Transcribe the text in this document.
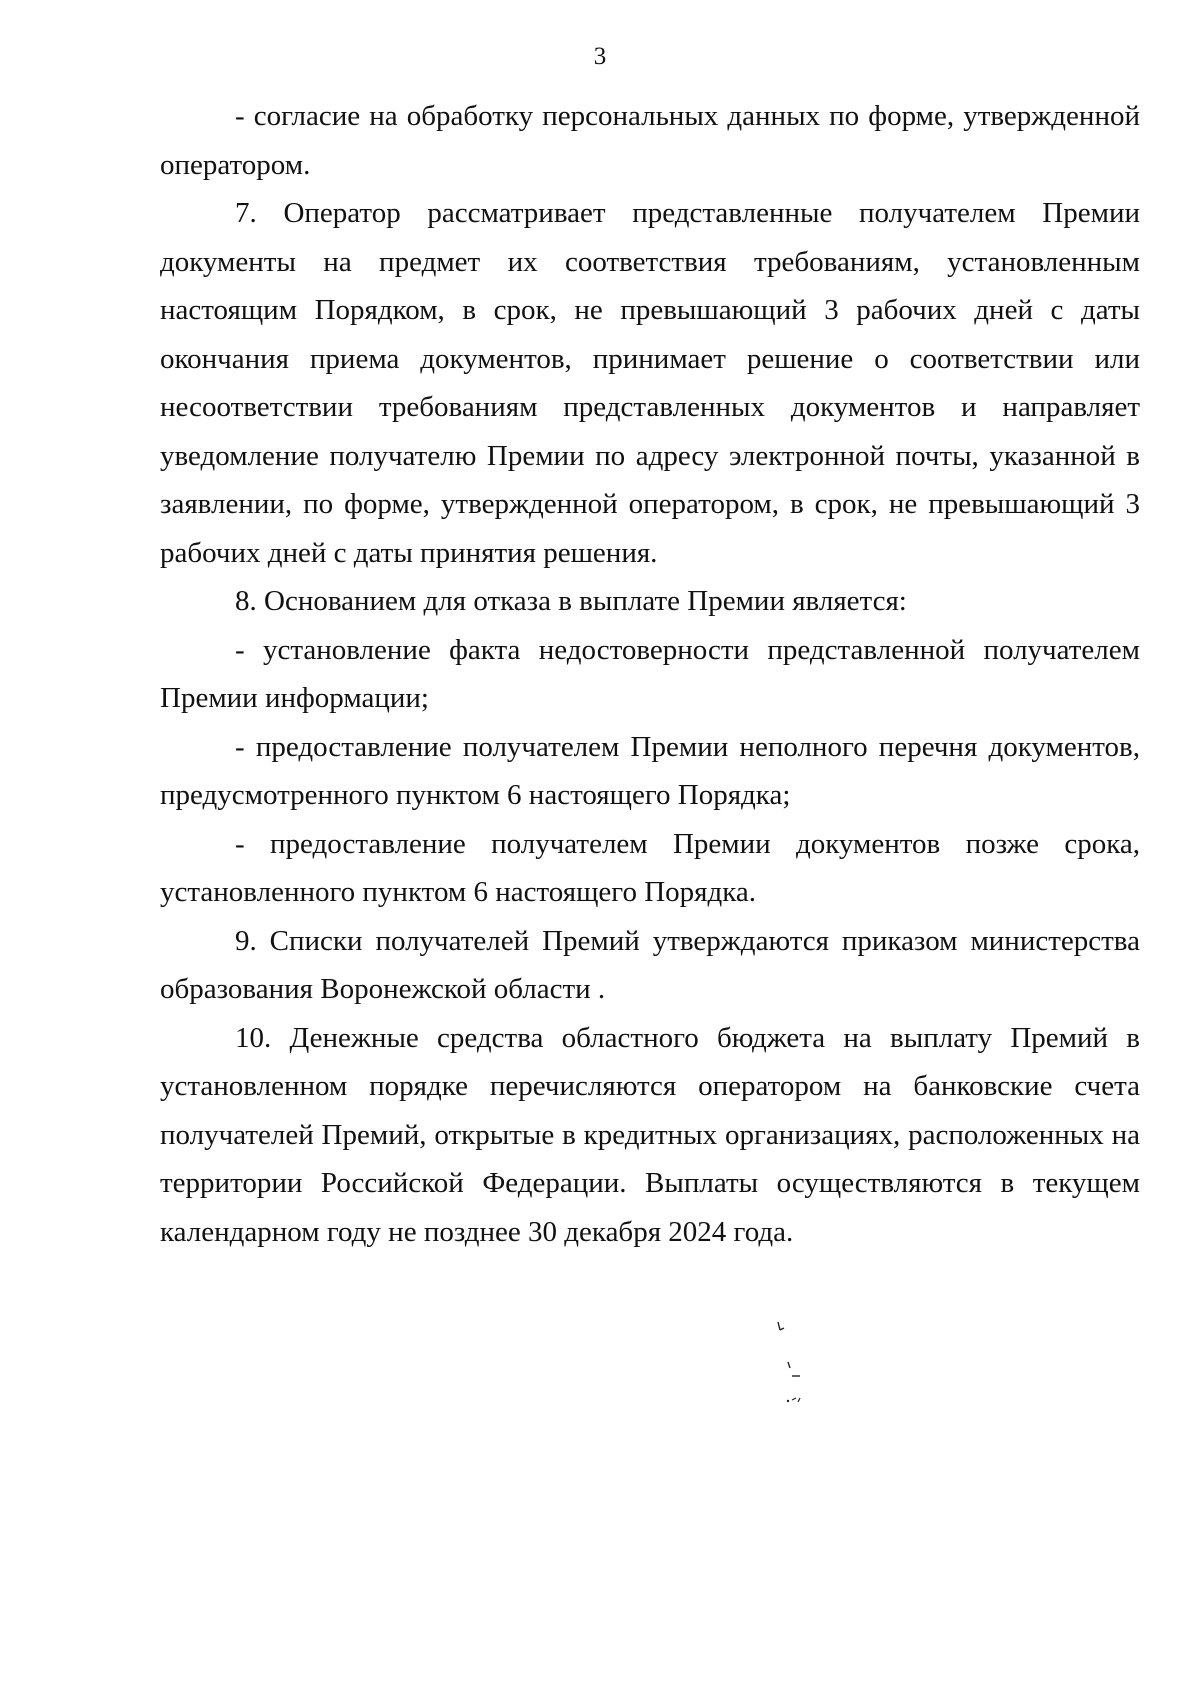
3

- согласие на обработку персональных данных по форме, утвержденной оператором.

7. Оператор рассматривает представленные получателем Премии документы на предмет их соответствия требованиям, установленным настоящим Порядком, в срок, не превышающий 3 рабочих дней с даты окончания приема документов, принимает решение о соответствии или несоответствии требованиям представленных документов и направляет уведомление получателю Премии по адресу электронной почты, указанной в заявлении, по форме, утвержденной оператором, в срок, не превышающий 3 рабочих дней с даты принятия решения.

8. Основанием для отказа в выплате Премии является:

- установление факта недостоверности представленной получателем Премии информации;

- предоставление получателем Премии неполного перечня документов, предусмотренного пунктом 6 настоящего Порядка;

- предоставление получателем Премии документов позже срока, установленного пунктом 6 настоящего Порядка.

9. Списки получателей Премий утверждаются приказом министерства образования Воронежской области .

10. Денежные средства областного бюджета на выплату Премий в установленном порядке перечисляются оператором на банковские счета получателей Премий, открытые в кредитных организациях, расположенных на территории Российской Федерации. Выплаты осуществляются в текущем календарном году не позднее 30 декабря 2024 года.
